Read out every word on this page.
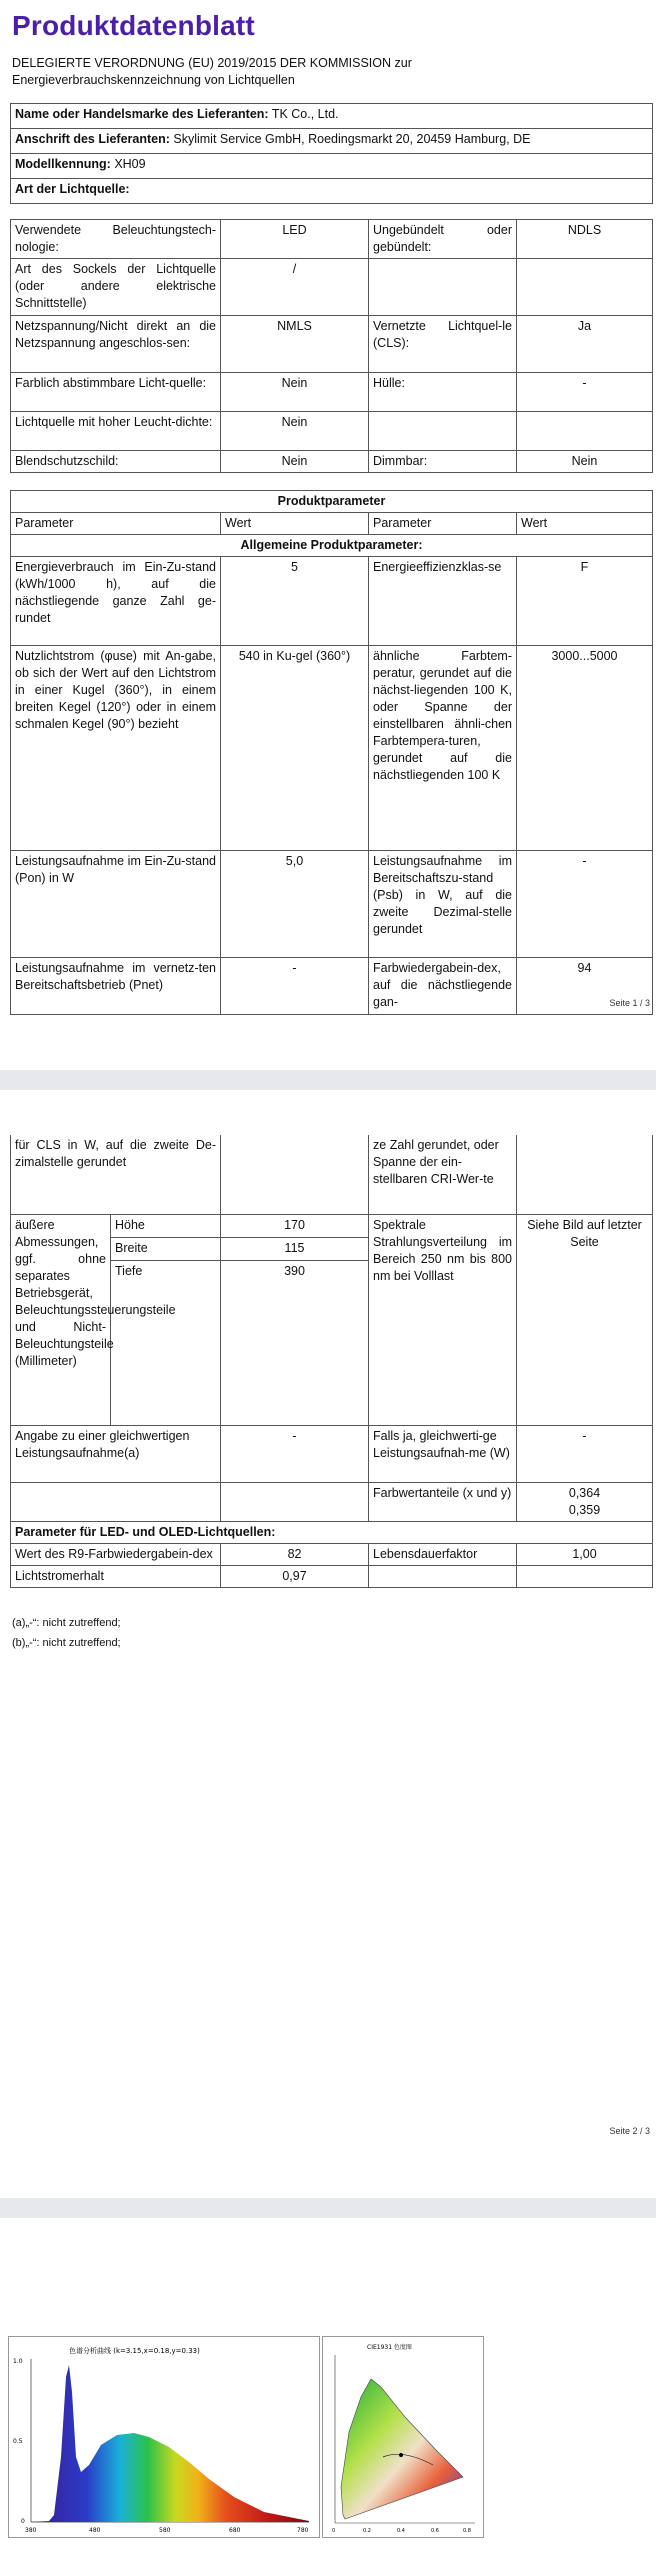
Produktdatenblatt
DELEGIERTE VERORDNUNG (EU) 2019/2015 DER KOMMISSION zur Energieverbrauchskennzeichnung von Lichtquellen
Name oder Handelsmarke des Lieferanten: TK Co., Ltd.
Anschrift des Lieferanten: Skylimit Service GmbH, Roedingsmarkt 20, 20459 Hamburg, DE
Modellkennung: XH09
Art der Lichtquelle:
Verwendete Beleuchtungstech-nologie:	LED	Ungebündelt oder gebündelt:	NDLS
Art des Sockels der Lichtquelle (oder andere elektrische Schnittstelle)	/		
Netzspannung/Nicht direkt an die Netzspannung angeschlos-sen:	NMLS	Vernetzte Lichtquel-le (CLS):	Ja
Farblich abstimmbare Licht-quelle:	Nein	Hülle:	-
Lichtquelle mit hoher Leucht-dichte:	Nein		
Blendschutzschild:	Nein	Dimmbar:	Nein
Produktparameter			
Parameter	Wert	Parameter	Wert
Allgemeine Produktparameter:			
Energieverbrauch im Ein-Zu-stand (kWh/1000 h), auf die nächstliegende ganze Zahl ge-rundet	5	Energieeffizienzklas-se	F
Nutzlichtstrom (φuse) mit An-gabe, ob sich der Wert auf den Lichtstrom in einer Kugel (360°), in einem breiten Kegel (120°) oder in einem schmalen Kegel (90°) bezieht	540 in Ku-gel (360°)	ähnliche Farbtem-peratur, gerundet auf die nächst-liegenden 100 K, oder Spanne der einstellbaren ähnli-chen Farbtempera-turen, gerundet auf die nächstliegenden 100 K	3000...5000
Leistungsaufnahme im Ein-Zu-stand (Pon) in W	5,0	Leistungsaufnahme im Bereitschaftszu-stand (Psb) in W, auf die zweite Dezimal-stelle gerundet	-
Leistungsaufnahme im vernetz-ten Bereitschaftsbetrieb (Pnet)	-	Farbwiedergabein-dex, auf die nächstliegende gan-	94
Seite 1 / 3
für CLS in W, auf die zweite De-zimalstelle gerundet			ze Zahl gerundet, oder Spanne der ein-stellbaren CRI-Wer-te	
äußere Abmessungen, ggf. ohne separates Betriebsgerät, Beleuchtungssteuerungsteile und Nicht-Beleuchtungsteile (Millimeter)	Höhe	170	Spektrale Strahlungsverteilung im Bereich 250 nm bis 800 nm bei Volllast	Siehe Bild auf letzter Seite
	Breite	115		
	Tiefe	390		
Angabe zu einer gleichwertigen Leistungsaufnahme(a)		-	Falls ja, gleichwerti-ge Leistungsaufnah-me (W)	-
			Farbwertanteile (x und y)	0,364
0,359
Parameter für LED- und OLED-Lichtquellen:				
Wert des R9-Farbwiedergabein-dex		82	Lebensdauerfaktor	1,00
Lichtstromerhalt		0,97		
(a)„-“: nicht zutreffend;
(b)„-“: nicht zutreffend;
Seite 2 / 3
色谱分析曲线 (k=3.15,x=0.18,y=0.33)
1.0
0.5
0
380	480	580	680	780
CIE1931 色度图
0	0.2	0.4	0.6	0.8
